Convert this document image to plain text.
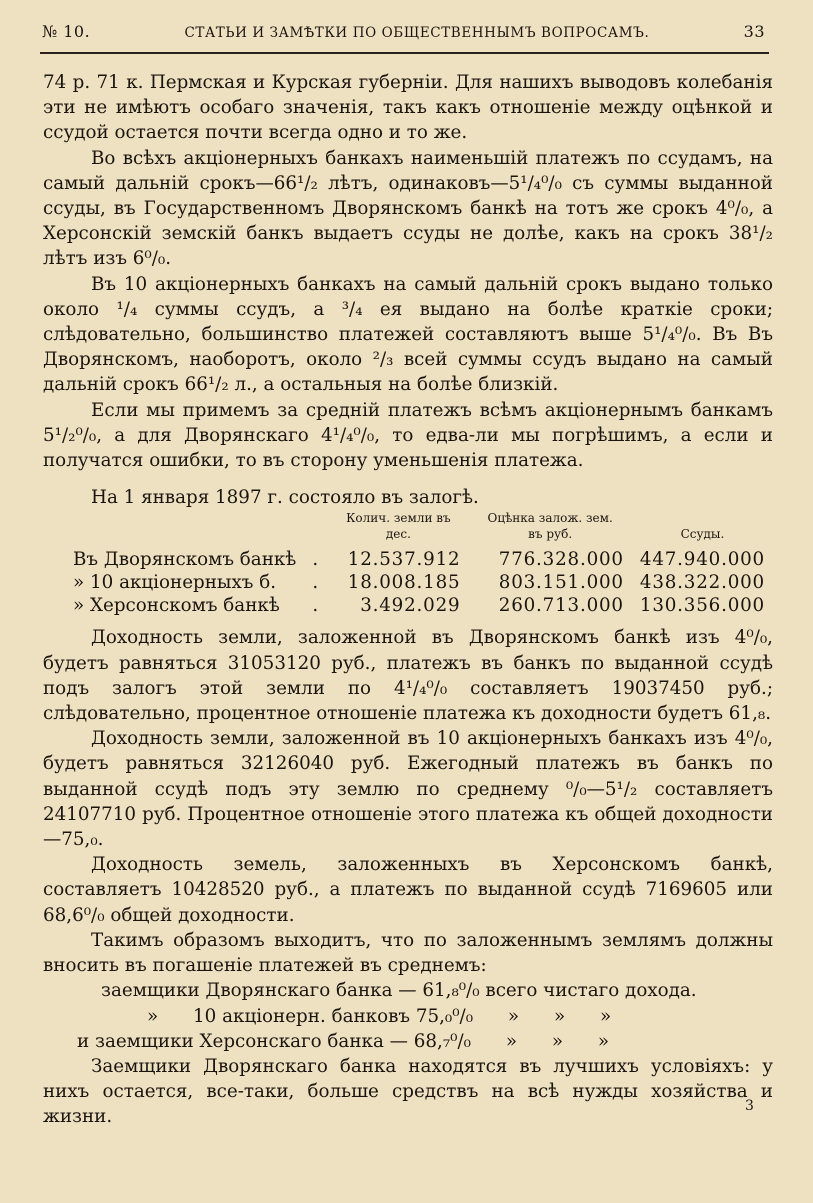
№ 10.	СТАТЬИ И ЗАМѢТКИ ПО ОБЩЕСТВЕННЫМЪ ВОПРОСАМЪ.	33

74 р. 71 к. Пермская и Курская губерніи. Для нашихъ выводовъ колебанія эти не имѣютъ особаго значенія, такъ какъ отношеніе между оцѣнкой и ссудой остается почти всегда одно и то же.

Во всѣхъ акціонерныхъ банкахъ наименьшій платежъ по ссудамъ, на самый дальній срокъ—66¹/₂ лѣтъ, одинаковъ—5¹/₄⁰/₀ съ суммы выданной ссуды, въ Государственномъ Дворянскомъ банкѣ на тотъ же срокъ 4⁰/₀, а Херсонскій земскій банкъ выдаетъ ссуды не долѣе, какъ на срокъ 38¹/₂ лѣтъ изъ 6⁰/₀.

Въ 10 акціонерныхъ банкахъ на самый дальній срокъ выдано только около ¹/₄ суммы ссудъ, а ³/₄ ея выдано на болѣе краткіе сроки; слѣдовательно, большинство платежей составляютъ выше 5¹/₄⁰/₀. Въ Въ Дворянскомъ, наоборотъ, около ²/₃ всей суммы ссудъ выдано на самый дальній срокъ 66¹/₂ л., а остальныя на болѣе близкій.

Если мы примемъ за средній платежъ всѣмъ акціонернымъ банкамъ 5¹/₂⁰/₀, а для Дворянскаго 4¹/₄⁰/₀, то едва-ли мы погрѣшимъ, а если и получатся ошибки, то въ сторону уменьшенія платежа.

На 1 января 1897 г. состояло въ залогѣ.

		Колич. земли въ дес.	Оцѣнка залож. зем. въ руб.	Ссуды.
Въ Дворянскомъ банкѣ	.	12.537.912	776.328.000	447.940.000
» 10 акціонерныхъ б.	.	18.008.185	803.151.000	438.322.000
» Херсонскомъ банкѣ	.	3.492.029	260.713.000	130.356.000

Доходность земли, заложенной въ Дворянскомъ банкѣ изъ 4⁰/₀, будетъ равняться 31053120 руб., платежъ въ банкъ по выданной ссудѣ подъ залогъ этой земли по 4¹/₄⁰/₀ составляетъ 19037450 руб.; слѣдовательно, процентное отношеніе платежа къ доходности будетъ 61,₈.

Доходность земли, заложенной въ 10 акціонерныхъ банкахъ изъ 4⁰/₀, будетъ равняться 32126040 руб. Ежегодный платежъ въ банкъ по выданной ссудѣ подъ эту землю по среднему ⁰/₀—5¹/₂ составляетъ 24107710 руб. Процентное отношеніе этого платежа къ общей доходности—75,₀.

Доходность земель, заложенныхъ въ Херсонскомъ банкѣ, составляетъ 10428520 руб., а платежъ по выданной ссудѣ 7169605 или 68,6⁰/₀ общей доходности.

Такимъ образомъ выходитъ, что по заложеннымъ землямъ должны вносить въ погашеніе платежей въ среднемъ:

заемщики Дворянскаго банка — 61,₈⁰/₀ всего чистаго дохода.
»      10 акціонерн. банковъ 75,₀⁰/₀      »      »      »
и заемщики Херсонскаго банка — 68,₇⁰/₀      »      »      »

Заемщики Дворянскаго банка находятся въ лучшихъ условіяхъ: у нихъ остается, все-таки, больше средствъ на всѣ нужды хозяйства и жизни.

3
